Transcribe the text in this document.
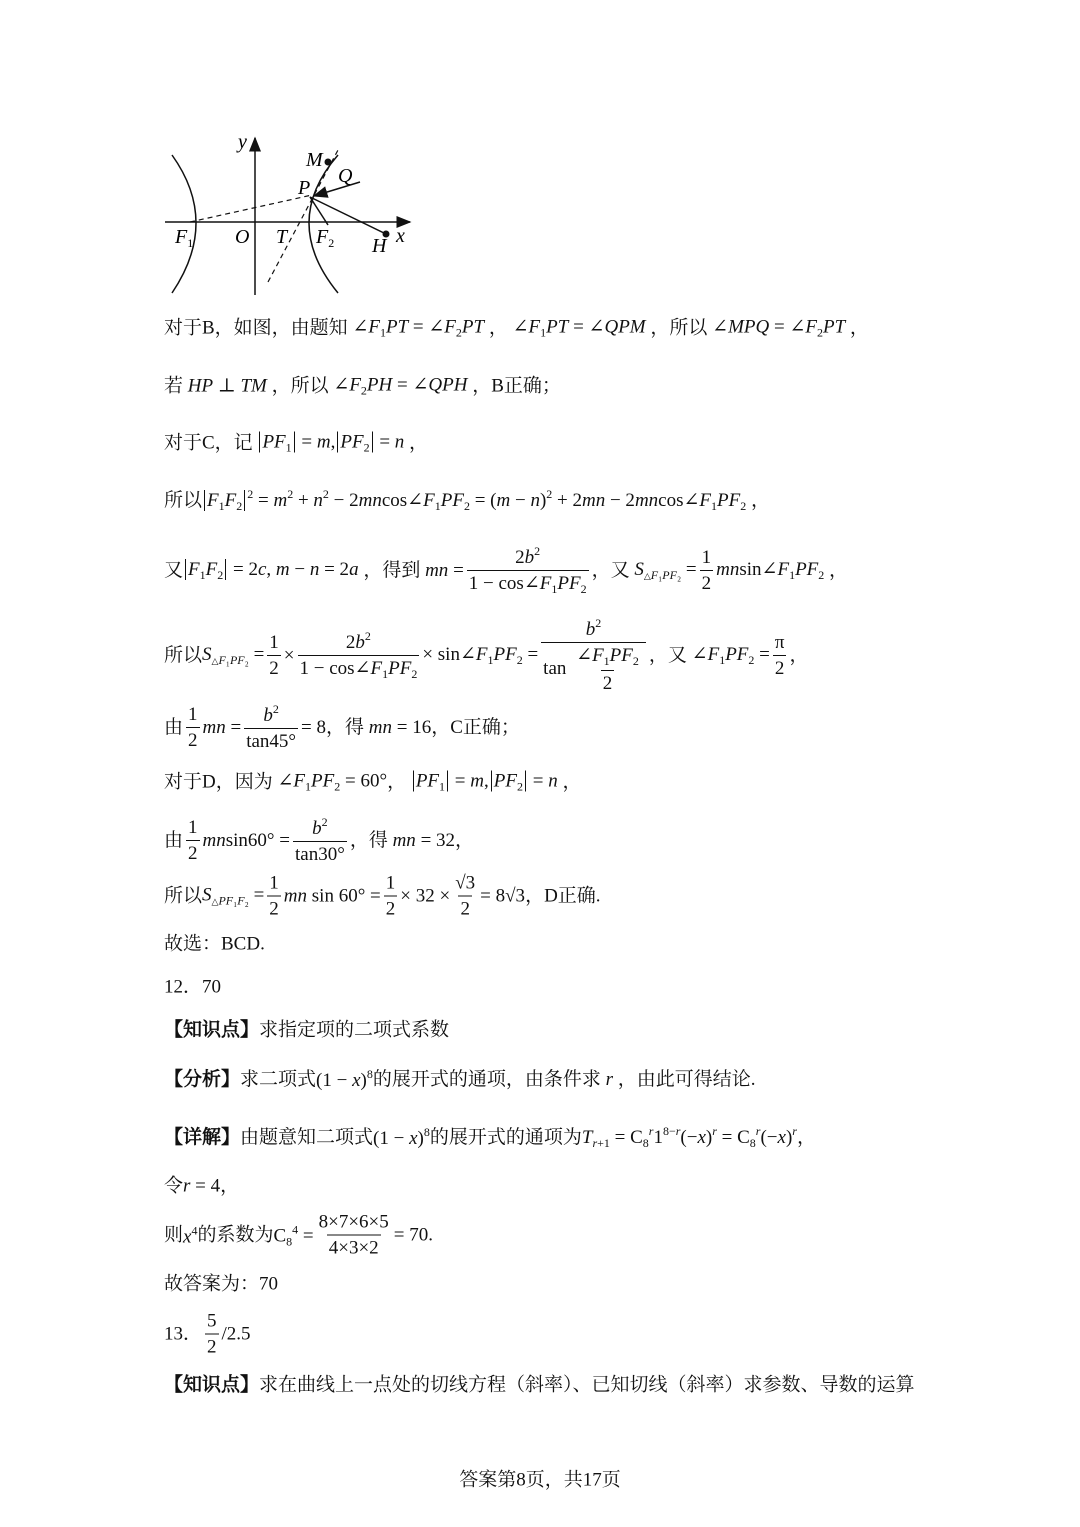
y
x
O
M
Q
P
$F_1$	T $F_2$ H
对于B，如图，由题知 $\angle F_1PT$ = $\angle F_2PT$ ， $\angle F_1PT$ = ∠QPM ， 所以 ∠MPQ = $\angle F_2PT$ ，
若 HP ⊥ TM ，所以 $\angle F_2PH$ = ∠QPH ，B正确；
对于C，记 $PF_1 = m$, $PF_2 = n$ ，
所以 $F_1F_2^2 = m^2 + n^2$ − $2mncos\angle F_1PF_2 = (m - n)^2 + 2mn$ − $2mncos\angle F_1PF_2$ ，
又 $F_1F_2 = 2c$, m − n = 2a ，得到 mn = $\frac{2b^2}{1 - \cos\angle F_1PF_2}$ ，又 $S_{\triangle F_1PF_2} = \frac{1}{2}$ $mnsin\angle F_1PF_2$ ，
所以 $S_{\triangle F_1PF_2} = \frac{1}{2} \times \frac{2b^2}{1 - \cos\angle F_1PF_2}$ × $\sin\angle F_1PF_2 = \frac{b^2}{\tan \frac{\angle F_1PF_2}{2}}$ ，又 $\angle F_1PF_2 = \frac{\pi}{2}$ ，
由 $\frac{1}{2}$ mn = $\frac{b^2}{\tan 45^\circ} = 8$ ，得 mn = 16 ，C正确；
对于D，因为 $\angle F_1PF_2 = 60^\circ$ ， $PF_1 = m$, $PF_2 = n$ ，
由 $\frac{1}{2} mnsin60^\circ = \frac{b^2}{\tan 30^\circ}$ ，得 mn = 32 ，
所以 $S_{\triangle PF_1F_2} = \frac{1}{2}$ mn $\sin 60^\circ = \frac{1}{2} \times 32 \times \frac{√3}{2} = 8√3$ ，D正确.
故选：BCD.
12．70
【知识点】 求指定项的二项式系数
【分析】 求二项式 $(1 - x)^8$ 的展开式的通项，由条件求 r ，由此可得结论.
【详解】 由题意知二项式 $(1 - x)^8$ 的展开式的通项为 $T_{r+1} = C_8^r1^{8-r}(-x)^r = C_8^r(-x)^r$ ，
令 r = 4 ，
则 $x^4$ 的系数为 $C_8^4 = \frac{8\times 7\times 6\times 5}{4\times 3\times 2} = 70$ .
故答案为：70
13． $\frac{5}{2} /2.5$
【知识点】 求在曲线上一点处的切线方程（斜率）、已知切线（斜率）求参数、导数的运算
答案第8页，共17页
